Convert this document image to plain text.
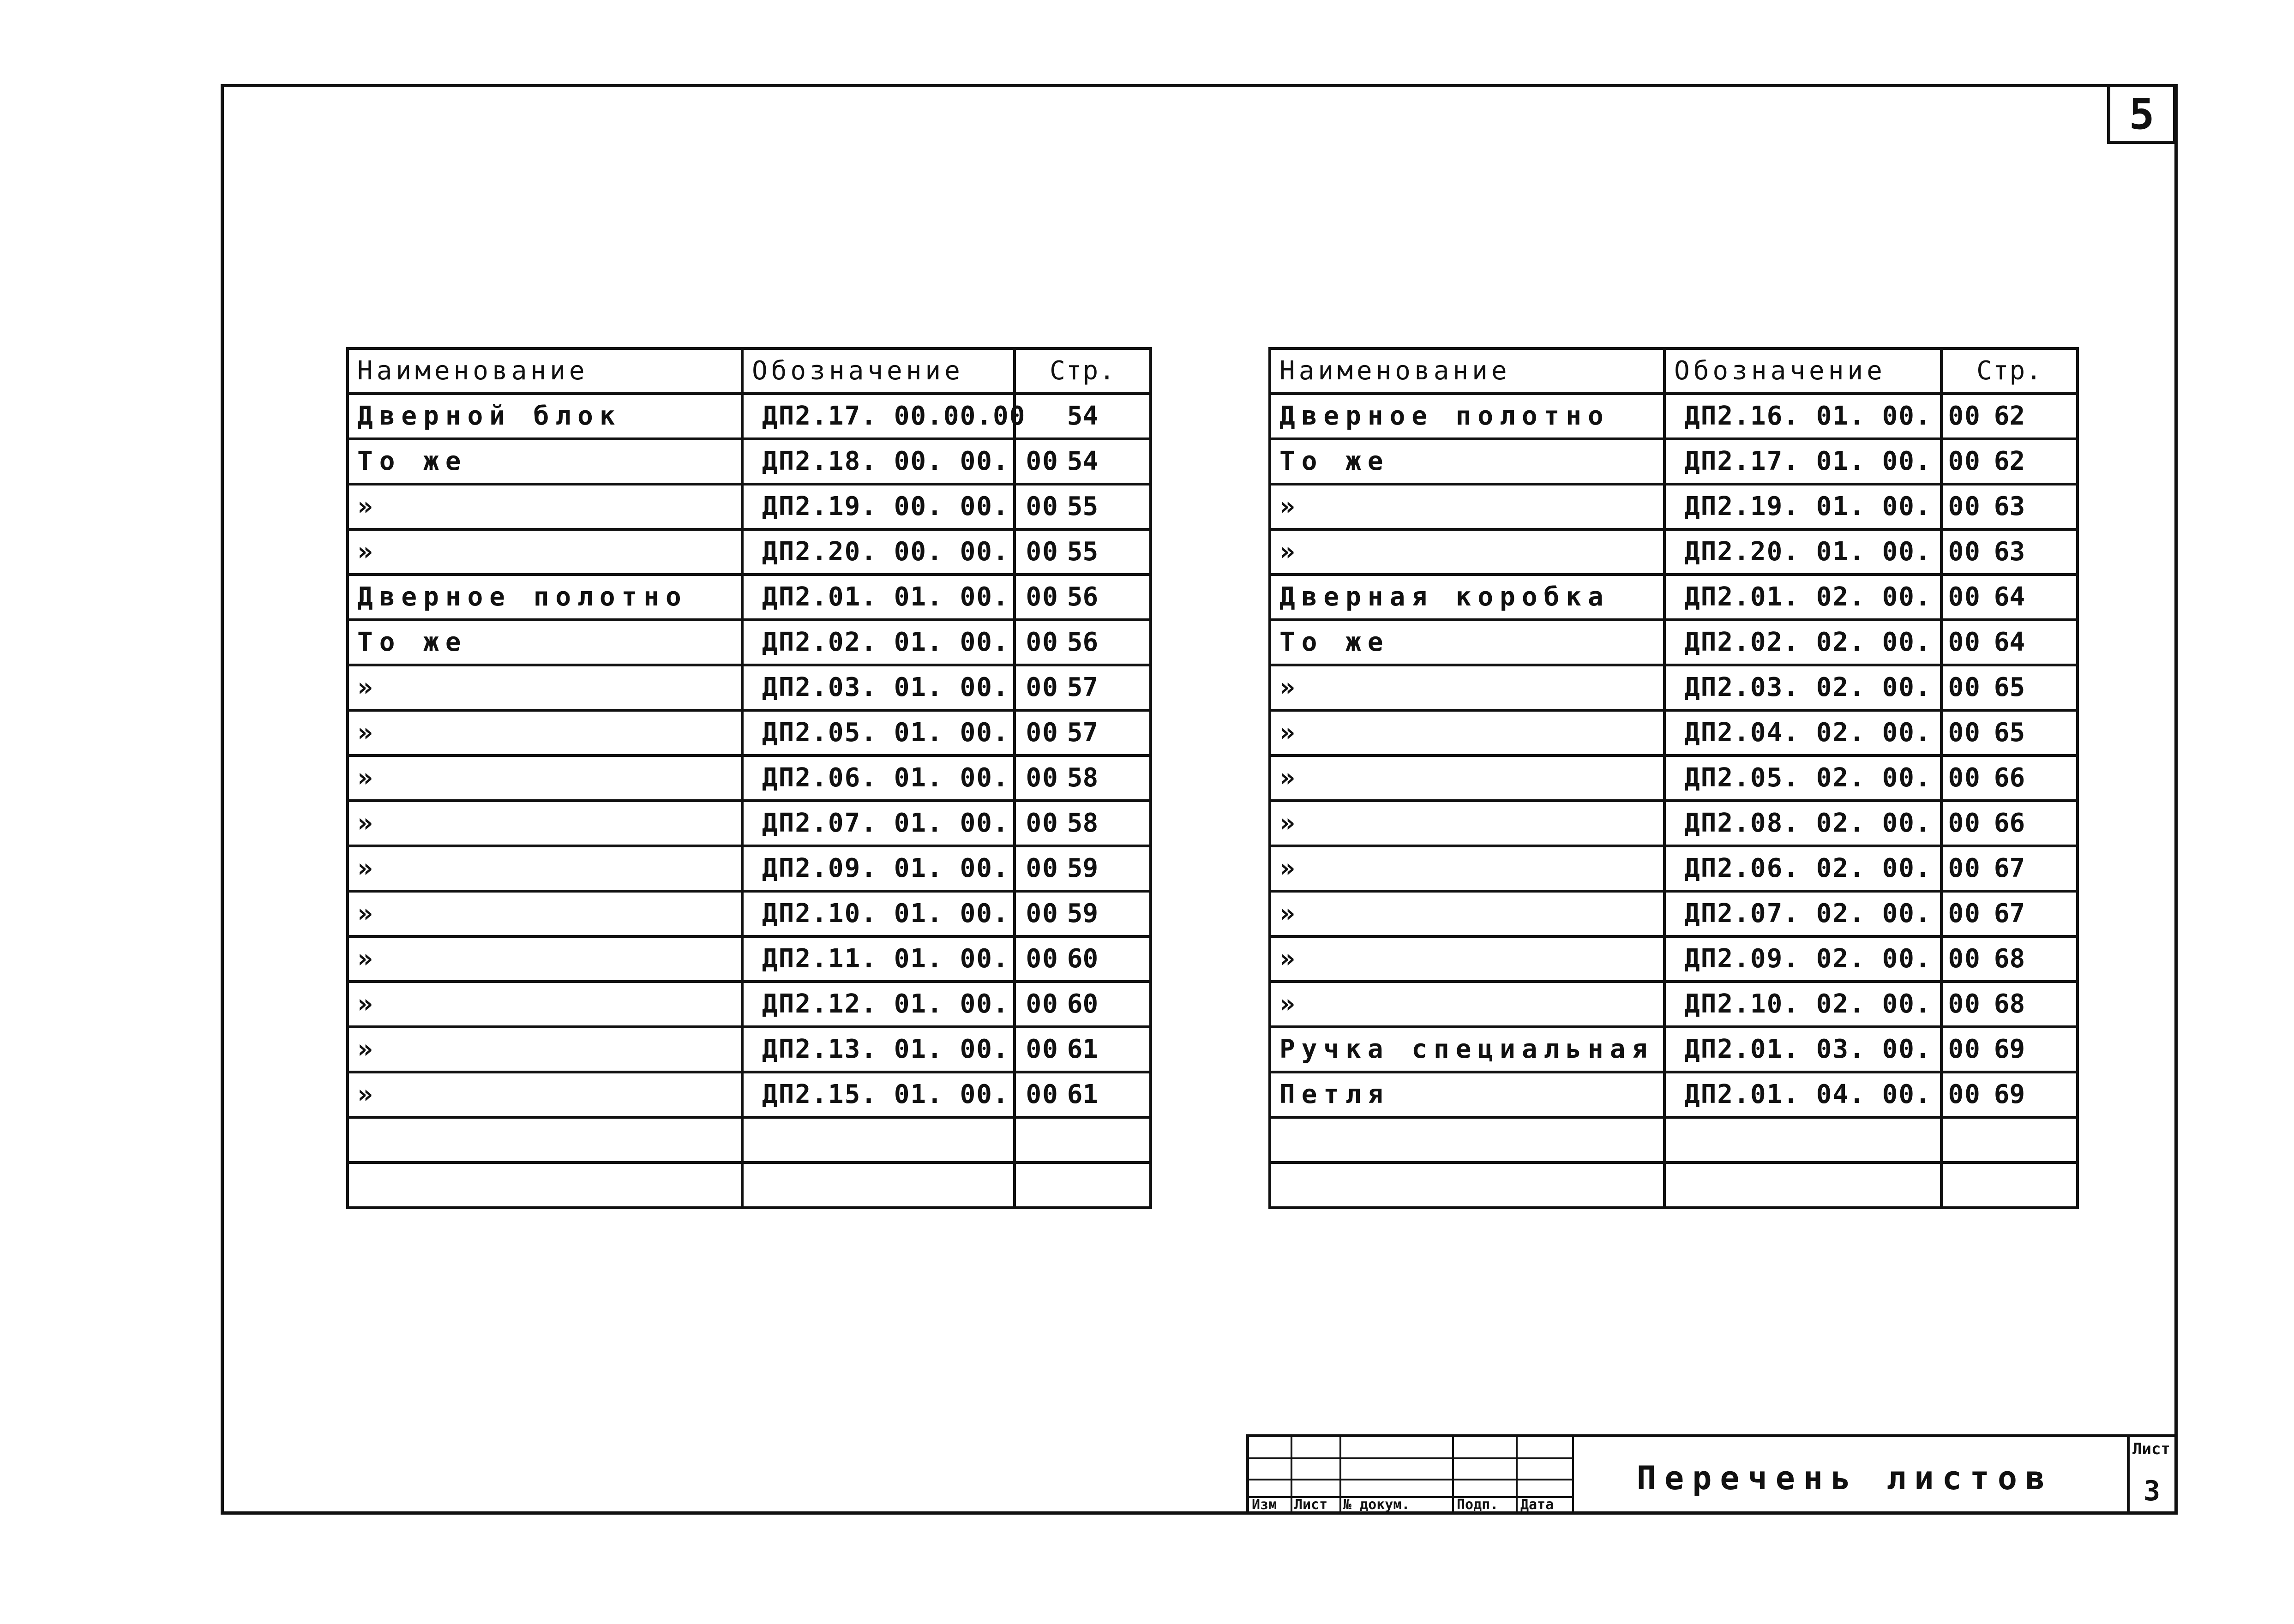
5
Наименование	Обозначение	Стр.
Дверной блок	ДП2.17. 00.00.00	54
То же	ДП2.18. 00. 00. 00	54
»	ДП2.19. 00. 00. 00	55
»	ДП2.20. 00. 00. 00	55
Дверное полотно	ДП2.01. 01. 00. 00	56
То же	ДП2.02. 01. 00. 00	56
»	ДП2.03. 01. 00. 00	57
»	ДП2.05. 01. 00. 00	57
»	ДП2.06. 01. 00. 00	58
»	ДП2.07. 01. 00. 00	58
»	ДП2.09. 01. 00. 00	59
»	ДП2.10. 01. 00. 00	59
»	ДП2.11. 01. 00. 00	60
»	ДП2.12. 01. 00. 00	60
»	ДП2.13. 01. 00. 00	61
»	ДП2.15. 01. 00. 00	61

Наименование	Обозначение	Стр.
Дверное полотно	ДП2.16. 01. 00. 00	62
То же	ДП2.17. 01. 00. 00	62
»	ДП2.19. 01. 00. 00	63
»	ДП2.20. 01. 00. 00	63
Дверная коробка	ДП2.01. 02. 00. 00	64
То же	ДП2.02. 02. 00. 00	64
»	ДП2.03. 02. 00. 00	65
»	ДП2.04. 02. 00. 00	65
»	ДП2.05. 02. 00. 00	66
»	ДП2.08. 02. 00. 00	66
»	ДП2.06. 02. 00. 00	67
»	ДП2.07. 02. 00. 00	67
»	ДП2.09. 02. 00. 00	68
»	ДП2.10. 02. 00. 00	68
Ручка специальная	ДП2.01. 03. 00. 00	69
Петля	ДП2.01. 04. 00. 00	69

Изм Лист № докум.	Подп. Дата
Перечень листов
Лист
3
